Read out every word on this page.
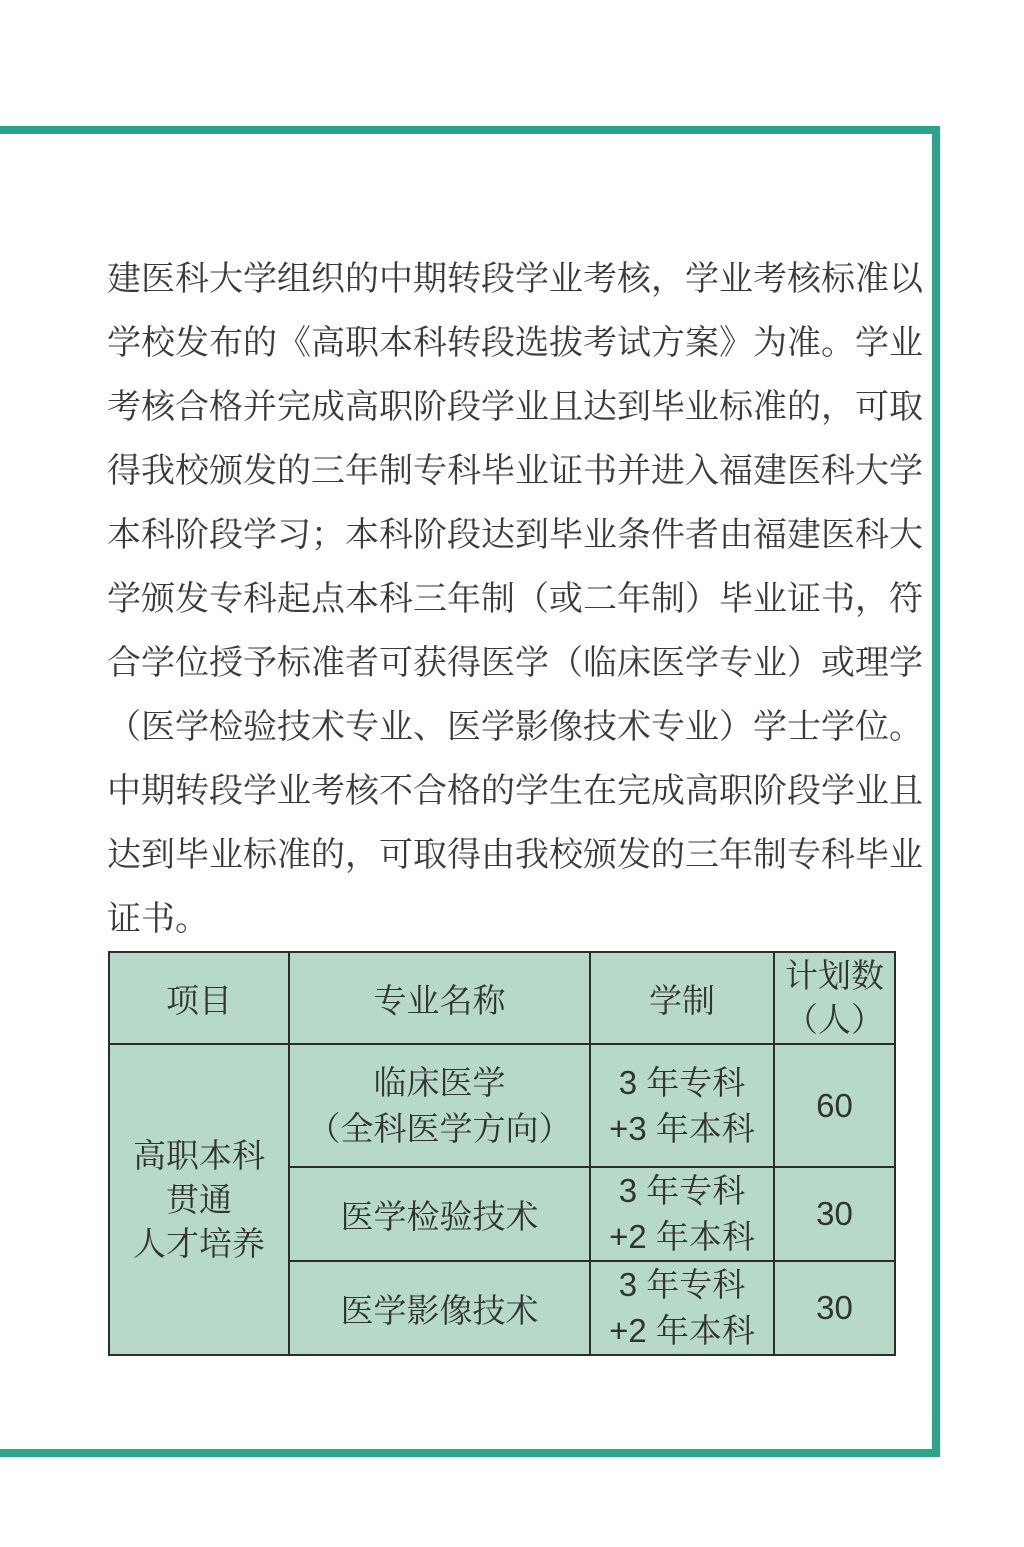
建医科大学组织的中期转段学业考核，学业考核标准以
学校发布的《高职本科转段选拔考试方案》为准。学业
考核合格并完成高职阶段学业且达到毕业标准的，可取
得我校颁发的三年制专科毕业证书并进入福建医科大学
本科阶段学习；本科阶段达到毕业条件者由福建医科大
学颁发专科起点本科三年制（或二年制）毕业证书，符
合学位授予标准者可获得医学（临床医学专业）或理学
（医学检验技术专业、医学影像技术专业）学士学位。
中期转段学业考核不合格的学生在完成高职阶段学业且
达到毕业标准的，可取得由我校颁发的三年制专科毕业
证书。
项目	专业名称	学制	计划数
（人）

高职本科
贯通
人才培养	临床医学
（全科医学方向）	3 年专科
+3 年本科	60
	医学检验技术	3 年专科
+2 年本科	30
	医学影像技术	3 年专科
+2 年本科	30
